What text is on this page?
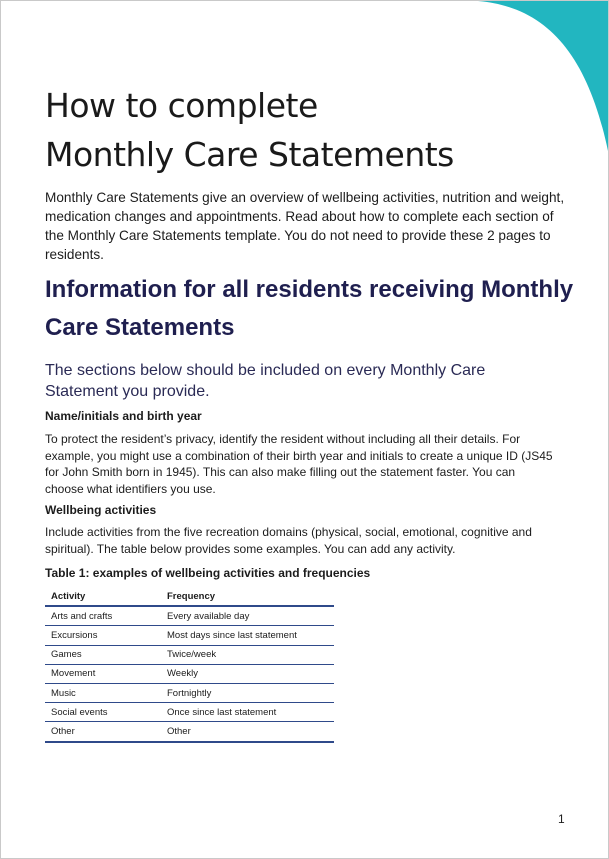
How to complete
Monthly Care Statements

Monthly Care Statements give an overview of wellbeing activities, nutrition and weight, medication changes and appointments. Read about how to complete each section of the Monthly Care Statements template. You do not need to provide these 2 pages to residents.

Information for all residents receiving Monthly Care Statements

The sections below should be included on every Monthly Care Statement you provide.

Name/initials and birth year

To protect the resident’s privacy, identify the resident without including all their details. For example, you might use a combination of their birth year and initials to create a unique ID (JS45 for John Smith born in 1945). This can also make filling out the statement faster. You can choose what identifiers you use.

Wellbeing activities

Include activities from the five recreation domains (physical, social, emotional, cognitive and spiritual). The table below provides some examples. You can add any activity.

Table 1: examples of wellbeing activities and frequencies

Activity	Frequency
Arts and crafts	Every available day
Excursions	Most days since last statement
Games	Twice/week
Movement	Weekly
Music	Fortnightly
Social events	Once since last statement
Other	Other
1
